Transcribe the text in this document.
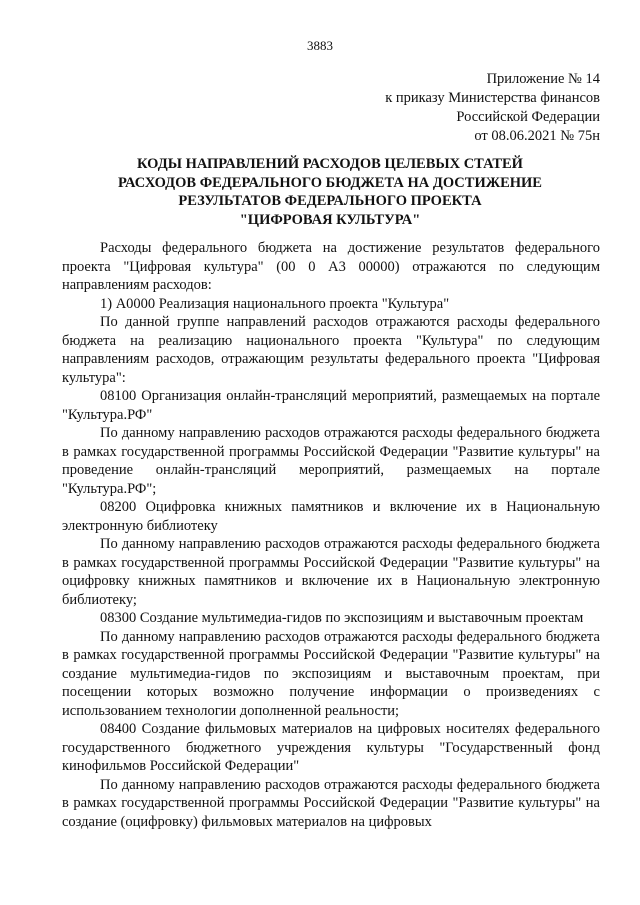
3883
Приложение № 14
к приказу Министерства финансов
Российской Федерации
от 08.06.2021 № 75н
КОДЫ НАПРАВЛЕНИЙ РАСХОДОВ ЦЕЛЕВЫХ СТАТЕЙ
РАСХОДОВ ФЕДЕРАЛЬНОГО БЮДЖЕТА НА ДОСТИЖЕНИЕ
РЕЗУЛЬТАТОВ ФЕДЕРАЛЬНОГО ПРОЕКТА
"ЦИФРОВАЯ КУЛЬТУРА"

Расходы федерального бюджета на достижение результатов федерального проекта "Цифровая культура" (00 0 А3 00000) отражаются по следующим направлениям расходов:

1) А0000 Реализация национального проекта "Культура"

По данной группе направлений расходов отражаются расходы федерального бюджета на реализацию национального проекта "Культура" по следующим направлениям расходов, отражающим результаты федерального проекта "Цифровая культура":

08100 Организация онлайн-трансляций мероприятий, размещаемых на портале "Культура.РФ"

По данному направлению расходов отражаются расходы федерального бюджета в рамках государственной программы Российской Федерации "Развитие культуры" на проведение онлайн-трансляций мероприятий, размещаемых на портале "Культура.РФ";

08200 Оцифровка книжных памятников и включение их в Национальную электронную библиотеку

По данному направлению расходов отражаются расходы федерального бюджета в рамках государственной программы Российской Федерации "Развитие культуры" на оцифровку книжных памятников и включение их в Национальную электронную библиотеку;

08300 Создание мультимедиа-гидов по экспозициям и выставочным проектам

По данному направлению расходов отражаются расходы федерального бюджета в рамках государственной программы Российской Федерации "Развитие культуры" на создание мультимедиа-гидов по экспозициям и выставочным проектам, при посещении которых возможно получение информации о произведениях с использованием технологии дополненной реальности;

08400 Создание фильмовых материалов на цифровых носителях федерального государственного бюджетного учреждения культуры "Государственный фонд кинофильмов Российской Федерации"

По данному направлению расходов отражаются расходы федерального бюджета в рамках государственной программы Российской Федерации "Развитие культуры" на создание (оцифровку) фильмовых материалов на цифровых
